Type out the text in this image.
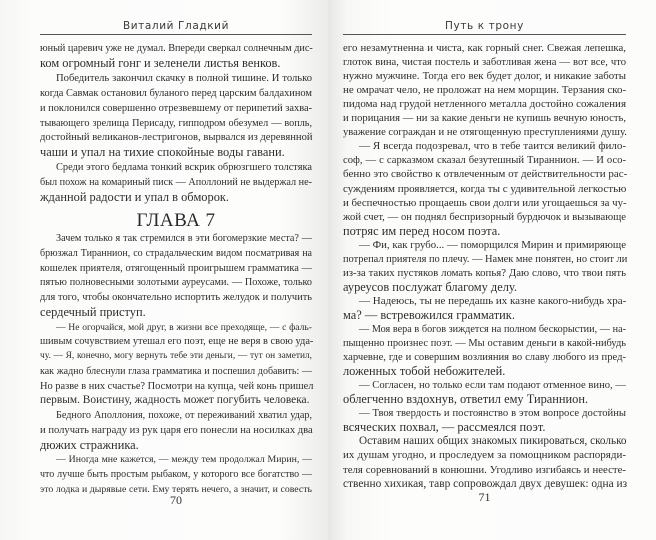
Виталий Гладкий
юный царевич уже не думал. Впереди сверкал солнечным дис-
ком огромный гонг и зеленели листья венков.
Победитель закончил скачку в полной тишине. И только
когда Савмак остановил буланого перед царским балдахином
и поклонился совершенно отрезвевшему от перипетий захва-
тывающего зрелища Перисаду, гипподром обезумел — вопль,
достойный великанов-лестригонов, вырвался из деревянной
чаши и упал на тихие спокойные воды гавани.
Среди этого бедлама тонкий вскрик обрюзгшего толстяка
был похож на комариный писк — Аполлоний не выдержал не-
жданной радости и упал в обморок.
ГЛАВА 7
Зачем только я так стремился в эти богомерзкие места? —
брюзжал Тираннион, со страдальческим видом посматривая на
кошелек приятеля, отягощенный проигрышем грамматика —
пятью полновесными золотыми ауреусами. — Похоже, только
для того, чтобы окончательно испортить желудок и получить
сердечный приступ.
— Не огорчайся, мой друг, в жизни все преходяще, — с фаль-
шивым сочувствием утешал его поэт, еще не веря в свою уда-
чу. — Я, конечно, могу вернуть тебе эти деньги, — тут он заметил,
как жадно блеснули глаза грамматика и поспешил добавить: —
Но разве в них счастье? Посмотри на купца, чей конь пришел
первым. Воистину, жадность может погубить человека.
Бедного Аполлония, похоже, от переживаний хватил удар,
и получать награду из рук царя его понесли на носилках два
дюжих стражника.
— Иногда мне кажется, — между тем продолжал Мирин, —
что лучше быть простым рыбаком, у которого все богатство —
это лодка и дырявые сети. Ему терять нечего, а значит, и совесть
70
Путь к трону
его незамутненна и чиста, как горный снег. Свежая лепешка,
глоток вина, чистая постель и заботливая жена — вот все, что
нужно мужчине. Тогда его век будет долог, и никакие заботы
не омрачат чело, не проложат на нем морщин. Терзания ско-
пидома над грудой нетленного металла достойно сожаления
и порицания — ни за какие деньги не купишь вечную юность,
уважение сограждан и не отягощенную преступлениями душу.
— Я всегда подозревал, что в тебе таится великий фило-
соф, — с сарказмом сказал безутешный Тираннион. — И осо-
бенно это свойство к отвлеченным от действительности рас-
суждениям проявляется, когда ты с удивительной легкостью
и беспечностью прощаешь свои долги или угощаешься за чу-
жой счет, — он поднял беспризорный бурдючок и вызывающе
потряс им перед носом поэта.
— Фи, как грубо... — поморщился Мирин и примиряюще
потрепал приятеля по плечу. — Намек мне понятен, но стоит ли
из-за таких пустяков ломать копья? Даю слово, что твои пять
ауреусов послужат благому делу.
— Надеюсь, ты не передашь их казне какого-нибудь хра-
ма? — встревожился грамматик.
— Моя вера в богов зиждется на полном бескорыстии, — на-
пыщенно произнес поэт. — Мы оставим деньги в какой-нибудь
харчевне, где и совершим возлияния во славу любого из пред-
ложенных тобой небожителей.
— Согласен, но только если там подают отменное вино, —
облегченно вздохнув, ответил ему Тираннион.
— Твоя твердость и постоянство в этом вопросе достойны
всяческих похвал, — рассмеялся поэт.
Оставим наших общих знакомых пикироваться, сколько
их душам угодно, и проследуем за помощником распоряди-
теля соревнований в конюшни. Угодливо изгибаясь и неесте-
ственно хихикая, тавр сопровождал двух девушек: одна из
71
